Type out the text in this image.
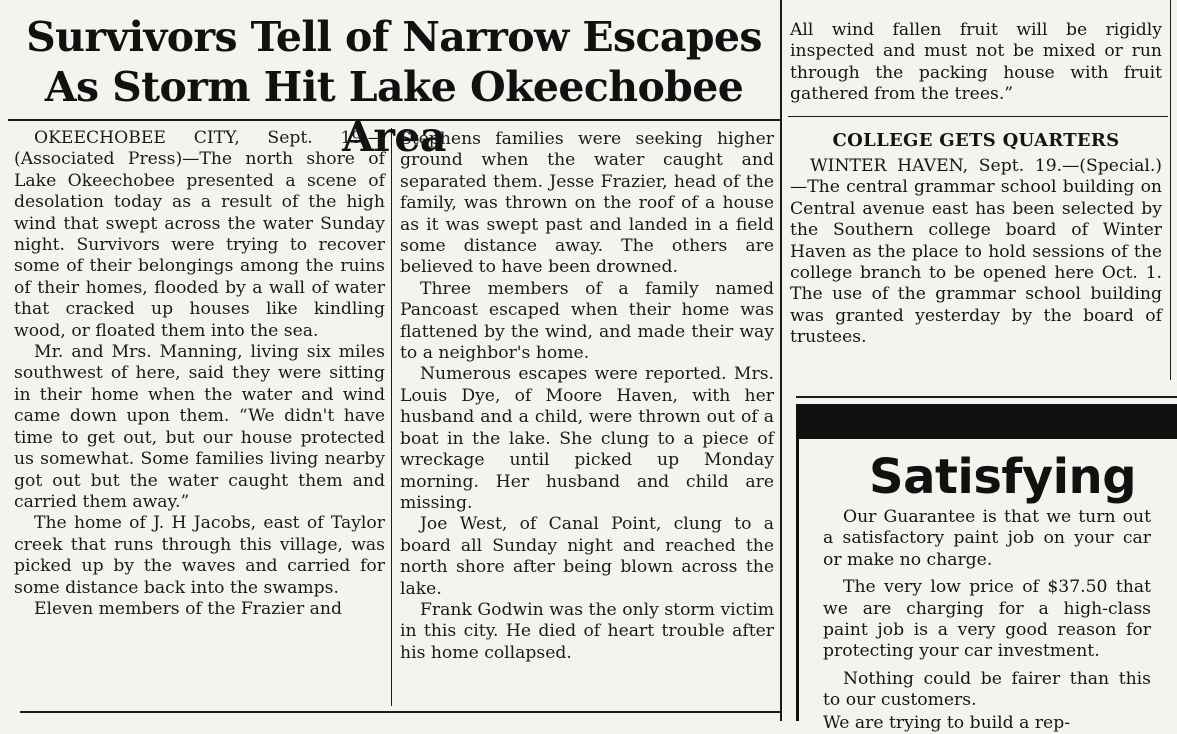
Survivors Tell of Narrow Escapes
As Storm Hit Lake Okeechobee Area

OKEECHOBEE CITY, Sept. 19.— (Associated Press)—The north shore of Lake Okeechobee presented a scene of desolation today as a result of the high wind that swept across the water Sunday night. Survivors were trying to recover some of their belongings among the ruins of their homes, flooded by a wall of water that cracked up houses like kindling wood, or floated them into the sea.

Mr. and Mrs. Manning, living six miles southwest of here, said they were sitting in their home when the water and wind came down upon them. “We didn't have time to get out, but our house protected us somewhat. Some families living nearby got out but the water caught them and carried them away.”

The home of J. H Jacobs, east of Taylor creek that runs through this village, was picked up by the waves and carried for some distance back into the swamps.

Eleven members of the Frazier and

Stephens families were seeking higher ground when the water caught and separated them. Jesse Frazier, head of the family, was thrown on the roof of a house as it was swept past and landed in a field some distance away. The others are believed to have been drowned.

Three members of a family named Pancoast escaped when their home was flattened by the wind, and made their way to a neighbor's home.

Numerous escapes were reported. Mrs. Louis Dye, of Moore Haven, with her husband and a child, were thrown out of a boat in the lake. She clung to a piece of wreckage until picked up Monday morning. Her husband and child are missing.

Joe West, of Canal Point, clung to a board all Sunday night and reached the north shore after being blown across the lake.

Frank Godwin was the only storm victim in this city. He died of heart trouble after his home collapsed.

All wind fallen fruit will be rigidly inspected and must not be mixed or run through the packing house with fruit gathered from the trees.”

COLLEGE GETS QUARTERS

WINTER HAVEN, Sept. 19.—(Special.)—The central grammar school building on Central avenue east has been selected by the Southern college board of Winter Haven as the place to hold sessions of the college branch to be opened here Oct. 1. The use of the grammar school building was granted yesterday by the board of trustees.

Satisfying

Our Guarantee is that we turn out a satisfactory paint job on your car or make no charge.

The very low price of $37.50 that we are charging for a high-class paint job is a very good reason for protecting your car investment.

Nothing could be fairer than this to our customers.

We are trying to build a rep-
